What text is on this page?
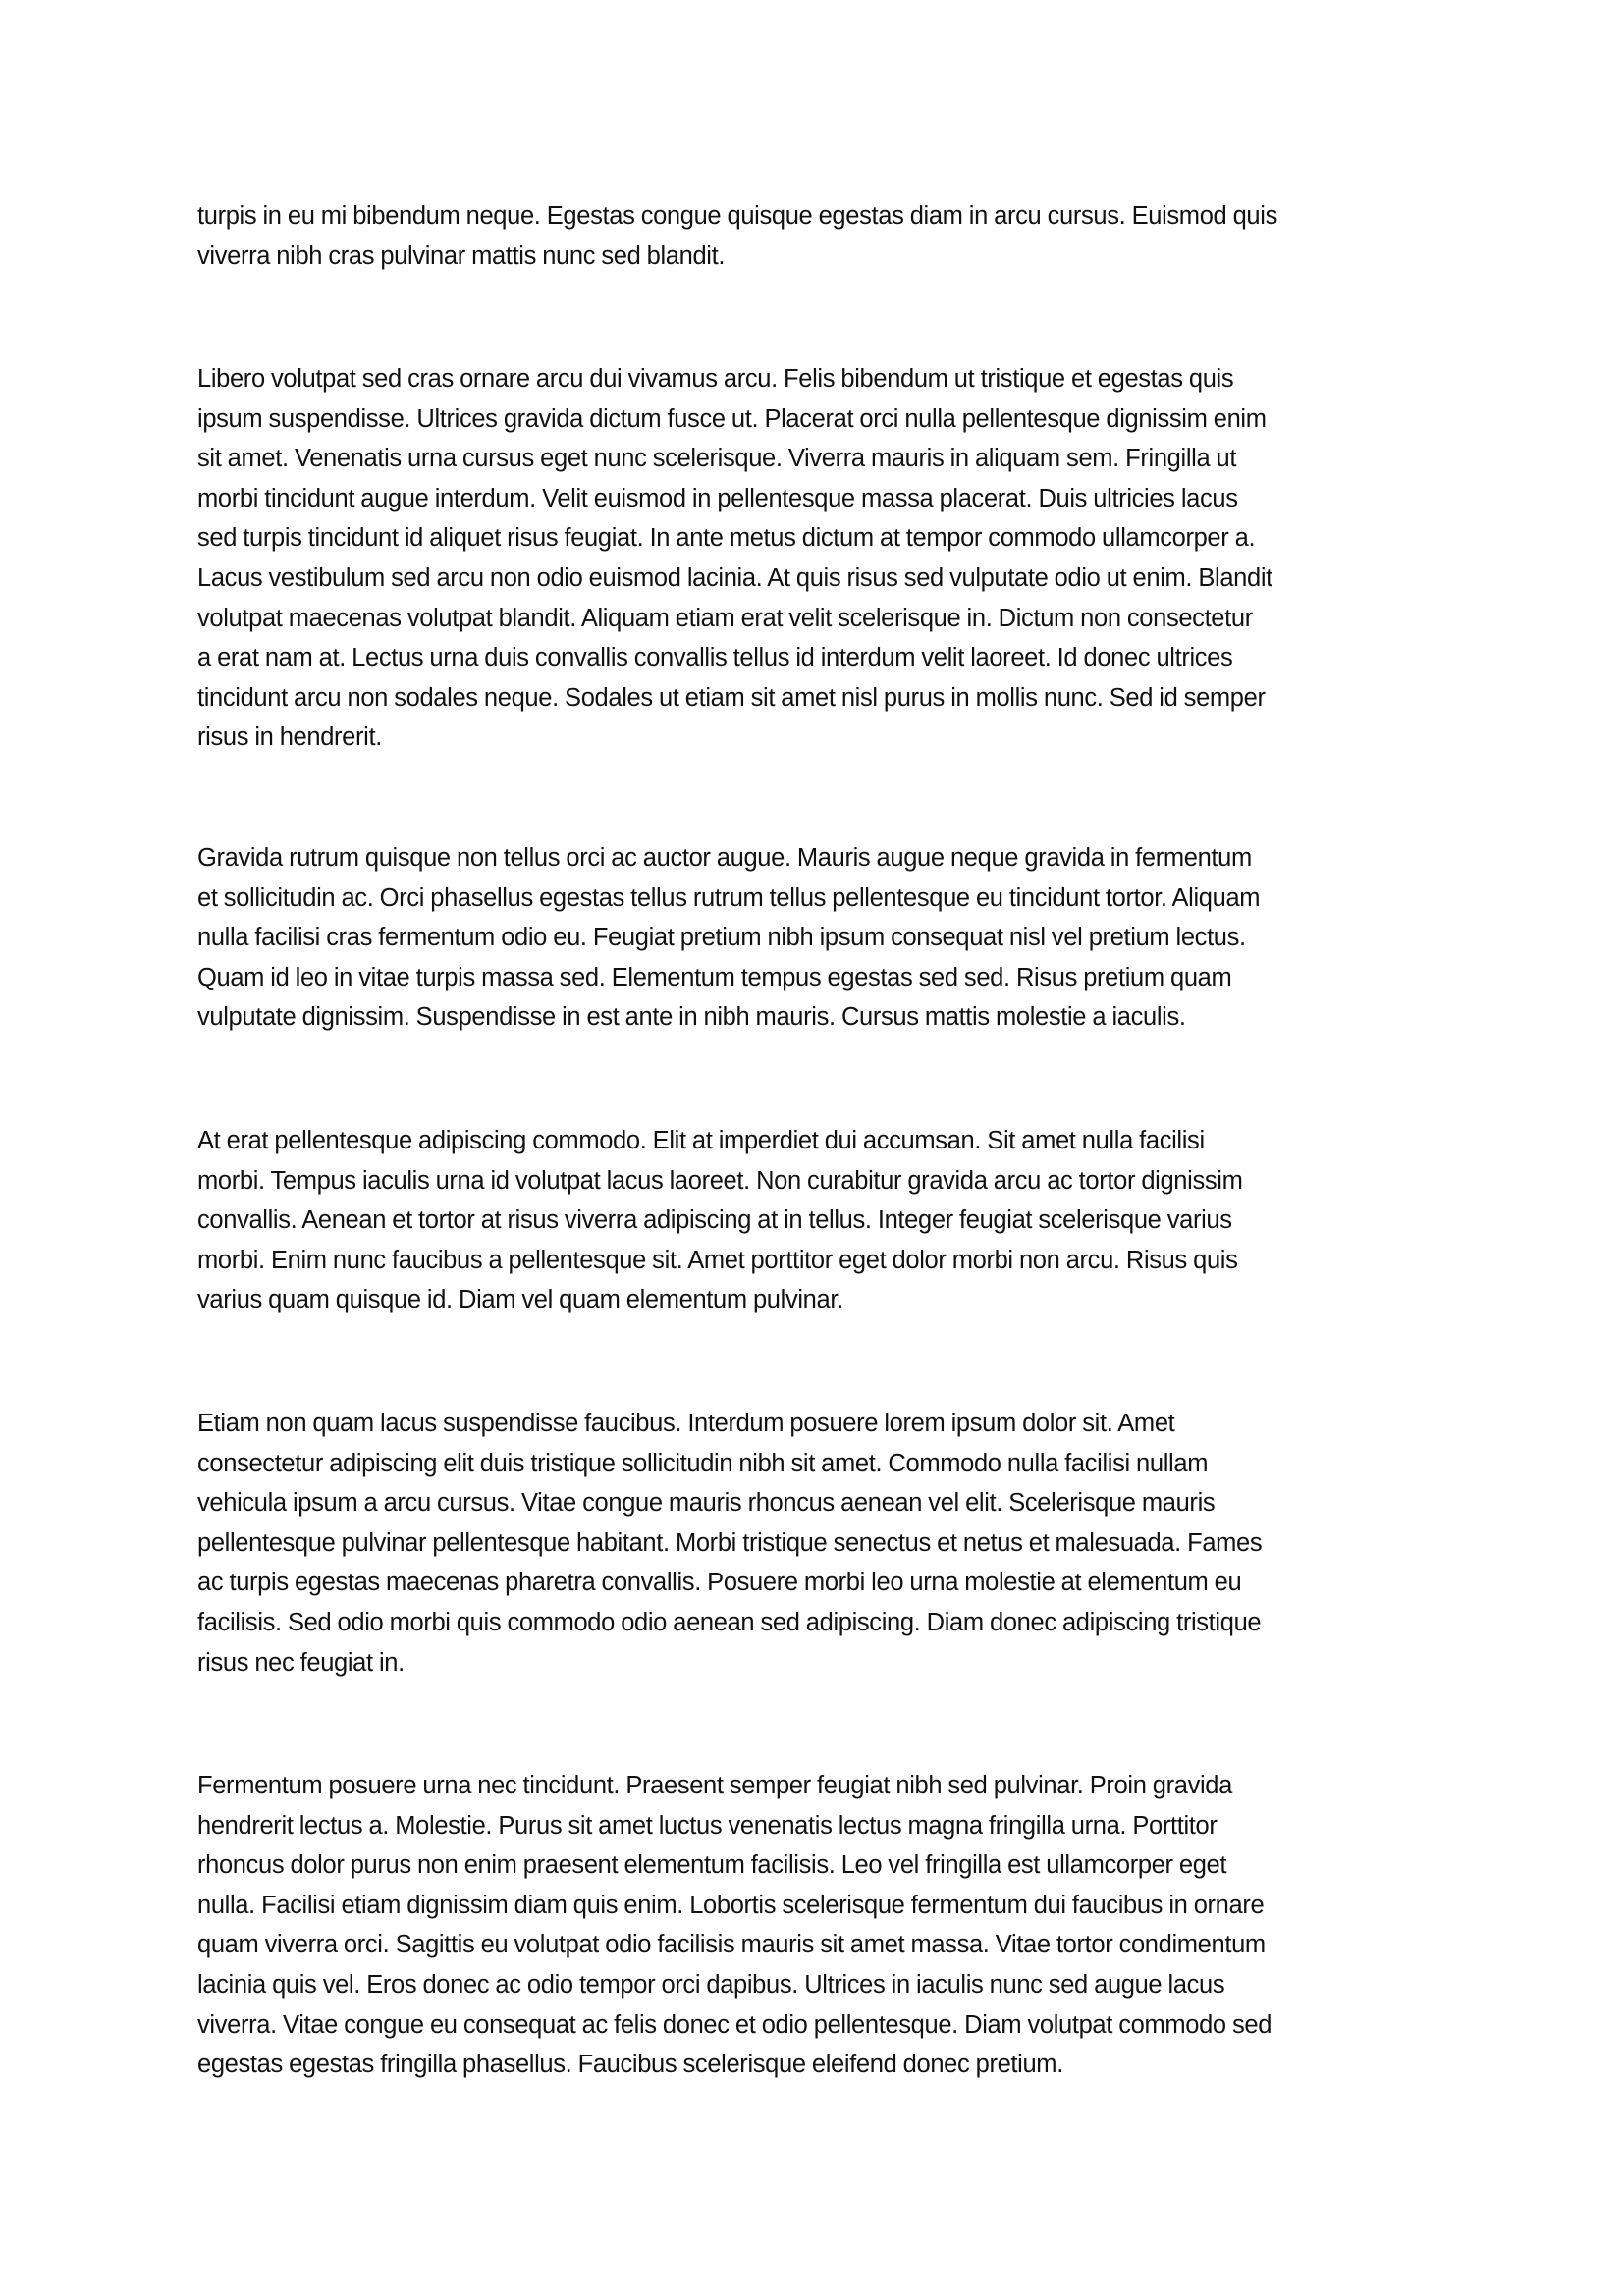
turpis in eu mi bibendum neque. Egestas congue quisque egestas diam in arcu cursus. Euismod quis
viverra nibh cras pulvinar mattis nunc sed blandit.
Libero volutpat sed cras ornare arcu dui vivamus arcu. Felis bibendum ut tristique et egestas quis
ipsum suspendisse. Ultrices gravida dictum fusce ut. Placerat orci nulla pellentesque dignissim enim
sit amet. Venenatis urna cursus eget nunc scelerisque. Viverra mauris in aliquam sem. Fringilla ut
morbi tincidunt augue interdum. Velit euismod in pellentesque massa placerat. Duis ultricies lacus
sed turpis tincidunt id aliquet risus feugiat. In ante metus dictum at tempor commodo ullamcorper a.
Lacus vestibulum sed arcu non odio euismod lacinia. At quis risus sed vulputate odio ut enim. Blandit
volutpat maecenas volutpat blandit. Aliquam etiam erat velit scelerisque in. Dictum non consectetur
a erat nam at. Lectus urna duis convallis convallis tellus id interdum velit laoreet. Id donec ultrices
tincidunt arcu non sodales neque. Sodales ut etiam sit amet nisl purus in mollis nunc. Sed id semper
risus in hendrerit.
Gravida rutrum quisque non tellus orci ac auctor augue. Mauris augue neque gravida in fermentum
et sollicitudin ac. Orci phasellus egestas tellus rutrum tellus pellentesque eu tincidunt tortor. Aliquam
nulla facilisi cras fermentum odio eu. Feugiat pretium nibh ipsum consequat nisl vel pretium lectus.
Quam id leo in vitae turpis massa sed. Elementum tempus egestas sed sed. Risus pretium quam
vulputate dignissim. Suspendisse in est ante in nibh mauris. Cursus mattis molestie a iaculis.
At erat pellentesque adipiscing commodo. Elit at imperdiet dui accumsan. Sit amet nulla facilisi
morbi. Tempus iaculis urna id volutpat lacus laoreet. Non curabitur gravida arcu ac tortor dignissim
convallis. Aenean et tortor at risus viverra adipiscing at in tellus. Integer feugiat scelerisque varius
morbi. Enim nunc faucibus a pellentesque sit. Amet porttitor eget dolor morbi non arcu. Risus quis
varius quam quisque id. Diam vel quam elementum pulvinar.
Etiam non quam lacus suspendisse faucibus. Interdum posuere lorem ipsum dolor sit. Amet
consectetur adipiscing elit duis tristique sollicitudin nibh sit amet. Commodo nulla facilisi nullam
vehicula ipsum a arcu cursus. Vitae congue mauris rhoncus aenean vel elit. Scelerisque mauris
pellentesque pulvinar pellentesque habitant. Morbi tristique senectus et netus et malesuada. Fames
ac turpis egestas maecenas pharetra convallis. Posuere morbi leo urna molestie at elementum eu
facilisis. Sed odio morbi quis commodo odio aenean sed adipiscing. Diam donec adipiscing tristique
risus nec feugiat in.
Fermentum posuere urna nec tincidunt. Praesent semper feugiat nibh sed pulvinar. Proin gravida
hendrerit lectus a. Molestie. Purus sit amet luctus venenatis lectus magna fringilla urna. Porttitor
rhoncus dolor purus non enim praesent elementum facilisis. Leo vel fringilla est ullamcorper eget
nulla. Facilisi etiam dignissim diam quis enim. Lobortis scelerisque fermentum dui faucibus in ornare
quam viverra orci. Sagittis eu volutpat odio facilisis mauris sit amet massa. Vitae tortor condimentum
lacinia quis vel. Eros donec ac odio tempor orci dapibus. Ultrices in iaculis nunc sed augue lacus
viverra. Vitae congue eu consequat ac felis donec et odio pellentesque. Diam volutpat commodo sed
egestas egestas fringilla phasellus. Faucibus scelerisque eleifend donec pretium.
